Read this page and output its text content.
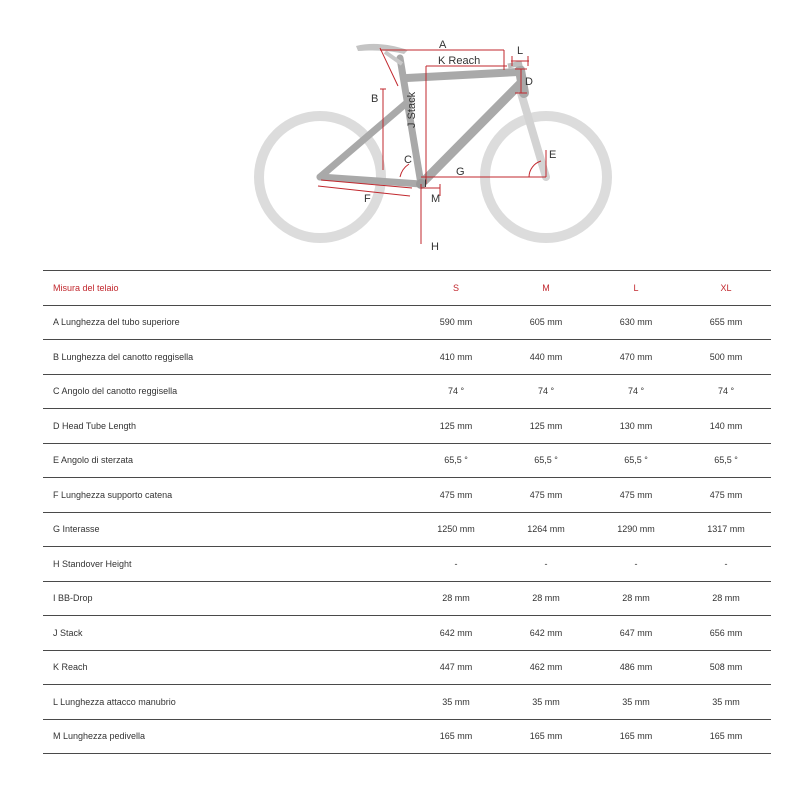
A
K Reach
L
D
B	J Stack
C	E
G
I
F	M
H
Misura del telaio	S	M	L	XL
A Lunghezza del tubo superiore	590 mm	605 mm	630 mm	655 mm
B Lunghezza del canotto reggisella	410 mm	440 mm	470 mm	500 mm
C Angolo del canotto reggisella	74 °	74 °	74 °	74 °
D Head Tube Length	125 mm	125 mm	130 mm	140 mm
E Angolo di sterzata	65,5 °	65,5 °	65,5 °	65,5 °
F Lunghezza supporto catena	475 mm	475 mm	475 mm	475 mm
G Interasse	1250 mm	1264 mm	1290 mm	1317 mm
H Standover Height	-	-	-	-
I BB-Drop	28 mm	28 mm	28 mm	28 mm
J Stack	642 mm	642 mm	647 mm	656 mm
K Reach	447 mm	462 mm	486 mm	508 mm
L Lunghezza attacco manubrio	35 mm	35 mm	35 mm	35 mm
M Lunghezza pedivella	165 mm	165 mm	165 mm	165 mm
